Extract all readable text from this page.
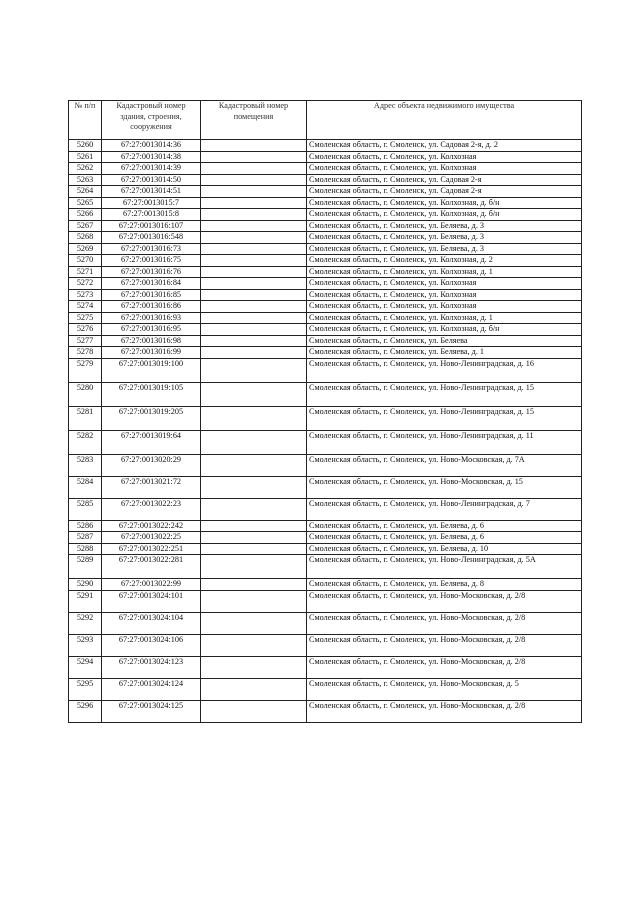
№ п/п	Кадастровый номер здания, строения, сооружения	Кадастровый номер помещения	Адрес объекта недвижимого имущества
5260	67:27:0013014:36		Смоленская область, г. Смоленск, ул. Садовая 2-я, д. 2
5261	67:27:0013014:38		Смоленская область, г. Смоленск, ул. Колхозная
5262	67:27:0013014:39		Смоленская область, г. Смоленск, ул. Колхозная
5263	67:27:0013014:50		Смоленская область, г. Смоленск, ул. Садовая 2-я
5264	67:27:0013014:51		Смоленская область, г. Смоленск, ул. Садовая 2-я
5265	67:27:0013015:7		Смоленская область, г. Смоленск, ул. Колхозная, д. б/н
5266	67:27:0013015:8		Смоленская область, г. Смоленск, ул. Колхозная, д. б/н
5267	67:27:0013016:107		Смоленская область, г. Смоленск, ул. Беляева, д. 3
5268	67:27:0013016:548		Смоленская область, г. Смоленск, ул. Беляева, д. 3
5269	67:27:0013016:73		Смоленская область, г. Смоленск, ул. Беляева, д. 3
5270	67:27:0013016:75		Смоленская область, г. Смоленск, ул. Колхозная, д. 2
5271	67:27:0013016:76		Смоленская область, г. Смоленск, ул. Колхозная, д. 1
5272	67:27:0013016:84		Смоленская область, г. Смоленск, ул. Колхозная
5273	67:27:0013016:85		Смоленская область, г. Смоленск, ул. Колхозная
5274	67:27:0013016:86		Смоленская область, г. Смоленск, ул. Колхозная
5275	67:27:0013016:93		Смоленская область, г. Смоленск, ул. Колхозная, д. 1
5276	67:27:0013016:95		Смоленская область, г. Смоленск, ул. Колхозная, д. б/н
5277	67:27:0013016:98		Смоленская область, г. Смоленск, ул. Беляева
5278	67:27:0013016:99		Смоленская область, г. Смоленск, ул. Беляева, д. 1
5279	67:27:0013019:100		Смоленская область, г. Смоленск, ул. Ново-Ленинградская, д. 16
5280	67:27:0013019:105		Смоленская область, г. Смоленск, ул. Ново-Ленинградская, д. 15
5281	67:27:0013019:205		Смоленская область, г. Смоленск, ул. Ново-Ленинградская, д. 15
5282	67:27:0013019:64		Смоленская область, г. Смоленск, ул. Ново-Ленинградская, д. 11
5283	67:27:0013020:29		Смоленская область, г. Смоленск, ул. Ново-Московская, д. 7А
5284	67:27:0013021:72		Смоленская область, г. Смоленск, ул. Ново-Московская, д. 15
5285	67:27:0013022:23		Смоленская область, г. Смоленск, ул. Ново-Ленинградская, д. 7
5286	67:27:0013022:242		Смоленская область, г. Смоленск, ул. Беляева, д. 6
5287	67:27:0013022:25		Смоленская область, г. Смоленск, ул. Беляева, д. 6
5288	67:27:0013022:251		Смоленская область, г. Смоленск, ул. Беляева, д. 10
5289	67:27:0013022:281		Смоленская область, г. Смоленск, ул. Ново-Ленинградская, д. 5А
5290	67:27:0013022:99		Смоленская область, г. Смоленск, ул. Беляева, д. 8
5291	67:27:0013024:101		Смоленская область, г. Смоленск, ул. Ново-Московская, д. 2/8
5292	67:27:0013024:104		Смоленская область, г. Смоленск, ул. Ново-Московская, д. 2/8
5293	67:27:0013024:106		Смоленская область, г. Смоленск, ул. Ново-Московская, д. 2/8
5294	67:27:0013024:123		Смоленская область, г. Смоленск, ул. Ново-Московская, д. 2/8
5295	67:27:0013024:124		Смоленская область, г. Смоленск, ул. Ново-Московская, д. 5
5296	67:27:0013024:125		Смоленская область, г. Смоленск, ул. Ново-Московская, д. 2/8
